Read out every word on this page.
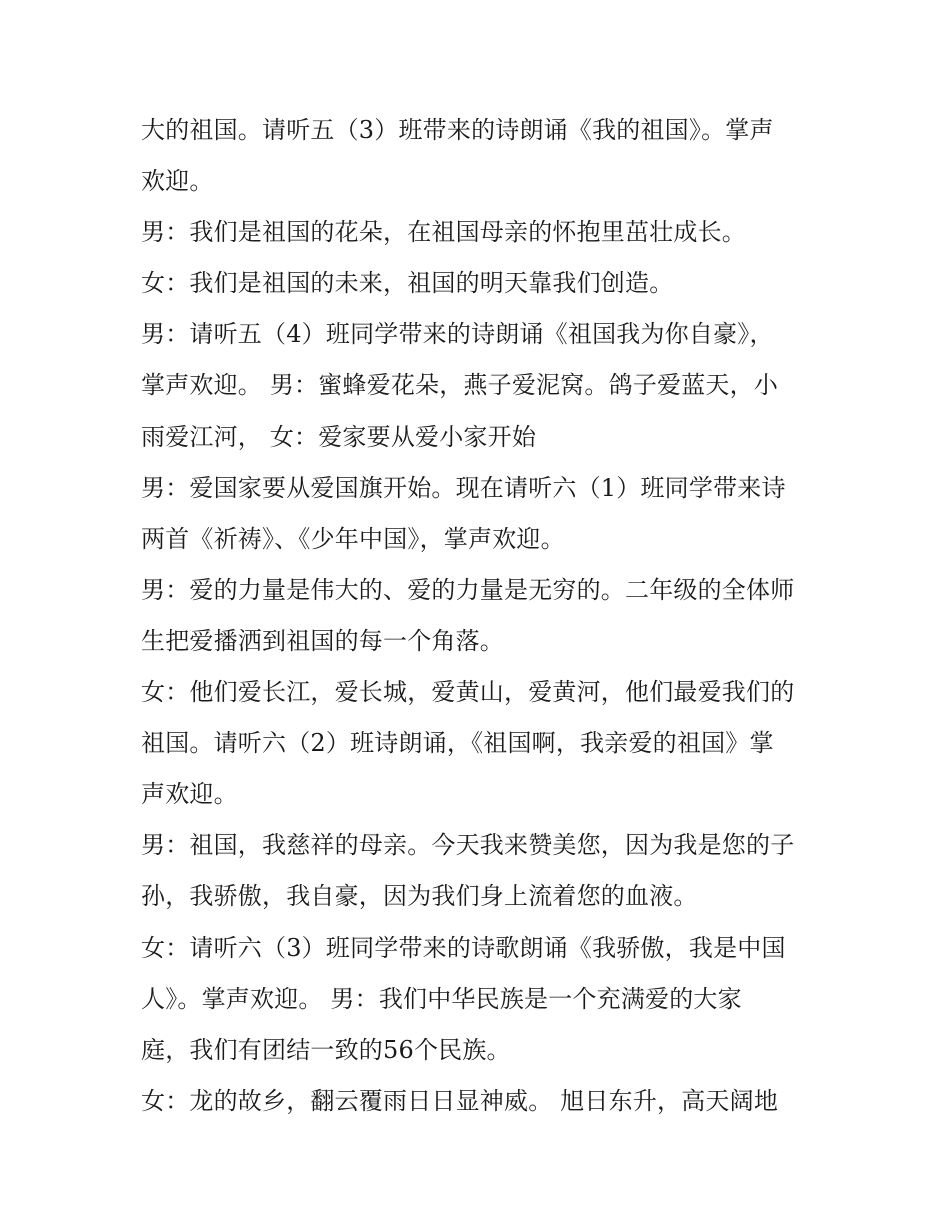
大的祖国。请听五（3）班带来的诗朗诵《我的祖国》。掌声
欢迎。
男：我们是祖国的花朵，在祖国母亲的怀抱里茁壮成长。
女：我们是祖国的未来，祖国的明天靠我们创造。
男：请听五（4）班同学带来的诗朗诵《祖国我为你自豪》，
掌声欢迎。 男：蜜蜂爱花朵，燕子爱泥窝。鸽子爱蓝天，小
雨爱江河， 女：爱家要从爱小家开始
男：爱国家要从爱国旗开始。现在请听六（1）班同学带来诗
两首《祈祷》、《少年中国》，掌声欢迎。
男：爱的力量是伟大的、爱的力量是无穷的。二年级的全体师
生把爱播洒到祖国的每一个角落。
女：他们爱长江，爱长城，爱黄山，爱黄河，他们最爱我们的
祖国。请听六（2）班诗朗诵，《祖国啊，我亲爱的祖国》掌
声欢迎。
男：祖国，我慈祥的母亲。今天我来赞美您，因为我是您的子
孙，我骄傲，我自豪，因为我们身上流着您的血液。
女：请听六（3）班同学带来的诗歌朗诵《我骄傲，我是中国
人》。掌声欢迎。 男：我们中华民族是一个充满爱的大家
庭，我们有团结一致的56个民族。
女：龙的故乡，翻云覆雨日日显神威。 旭日东升，高天阔地
